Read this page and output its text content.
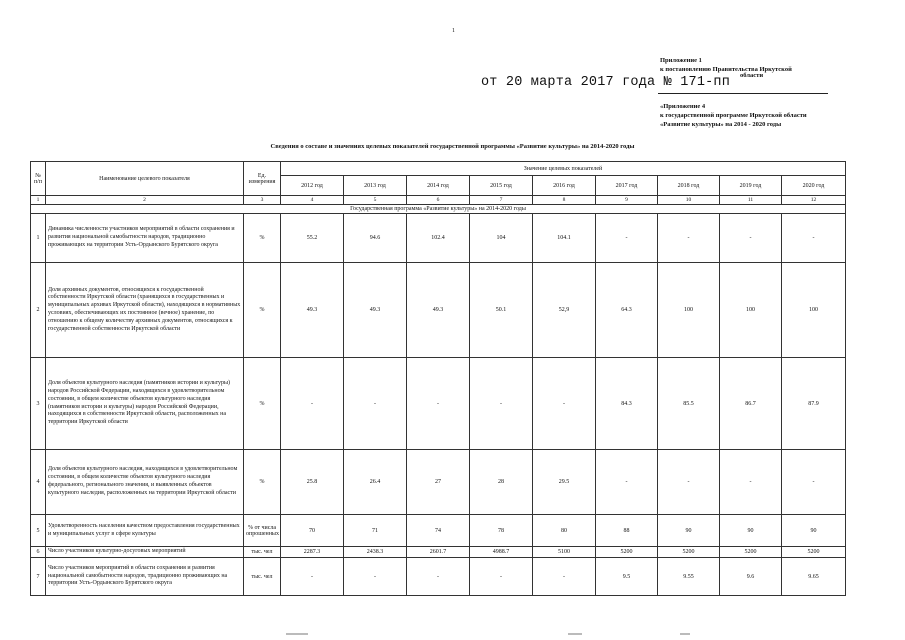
1
Приложение 1
к постановлению Правительства Иркутской
области
от 20 марта 2017 года № 171-пп
«Приложение 4
к государственной программе Иркутской области
«Развитие культуры» на 2014 - 2020 годы
Сведения о составе и значениях целевых показателей государственной программы «Развитие культуры» на 2014-2020 годы
№ п/п	Наименование целевого показателя	Ед. измерения	Значение целевых показателей								
			2012 год	2013 год	2014 год	2015 год	2016 год	2017 год	2018 год	2019 год	2020 год
1	2	3	4	5	6	7	8	9	10	11	12
Государственная программа «Развитие культуры» на 2014-2020 годы											
1	Динамика численности участников мероприятий в области сохранения и развития национальной самобытности народов, традиционно проживающих на территории Усть-Ордынского Бурятского округа	%	55.2	94.6	102.4	104	104.1	-	-	-	-
2	Доля архивных документов, относящихся к государственной собственности Иркутской области (хранящихся в государственных и муниципальных архивах Иркутской области), находящихся в нормативных условиях, обеспечивающих их постоянное (вечное) хранение, по отношению к общему количеству архивных документов, относящихся к государственной собственности Иркутской области	%	49.3	49.3	49.3	50.1	52,9	64.3	100	100	100
3	Доля объектов культурного наследия (памятников истории и культуры) народов Российской Федерации, находящихся в удовлетворительном состоянии, в общем количестве объектов культурного наследия (памятников истории и культуры) народов Российской Федерации, находящихся в собственности Иркутской области, расположенных на территории Иркутской области	%	-	-	-	-	-	84.3	85.5	86.7	87.9
4	Доля объектов культурного наследия, находящихся в удовлетворительном состоянии, в общем количестве объектов культурного наследия федерального, регионального значения, и выявленных объектов культурного наследия, расположенных на территории Иркутской области	%	25.8	26.4	27	28	29.5	-	-	-	-
5	Удовлетворенность населения качеством предоставления государственных и муниципальных услуг в сфере культуры	% от числа опрошенных	70	71	74	78	80	88	90	90	90
6	Число участников культурно-досуговых мероприятий	тыс. чел	2287.3	2438.3	2601.7	4988.7	5100	5200	5200	5200	5200
7	Число участников мероприятий в области сохранения и развития национальной самобытности народов, традиционно проживающих на территории Усть-Ордынского Бурятского округа	тыс. чел	-	-	-	-	-	9.5	9.55	9.6	9.65
